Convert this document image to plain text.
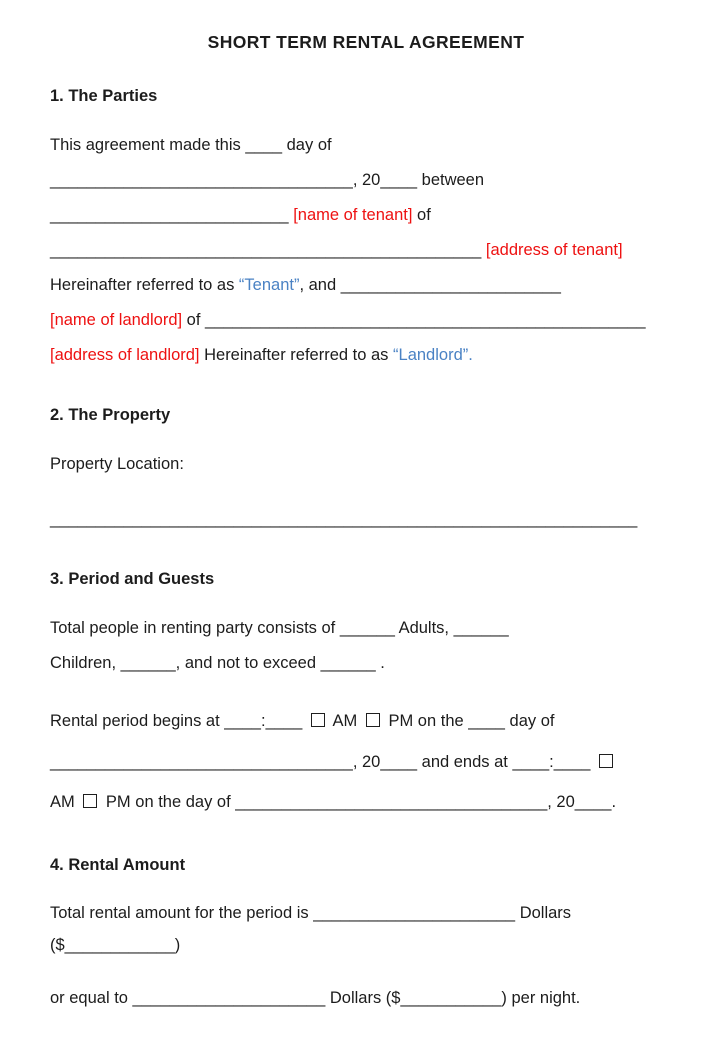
SHORT TERM RENTAL AGREEMENT
1. The Parties
This agreement made this ____ day of
_________________________________, 20____ between
__________________________ [name of tenant] of
_______________________________________________ [address of tenant]
Hereinafter referred to as “Tenant”, and ________________________
[name of landlord] of ________________________________________________
[address of landlord] Hereinafter referred to as “Landlord”.
2. The Property
Property Location:
________________________________________________________________
3. Period and Guests
Total people in renting party consists of ______ Adults, ______
Children, ______, and not to exceed ______ .
Rental period begins at ____:____  AM  PM on the ____ day of
_________________________________, 20____ and ends at ____:____
AM  PM on the day of __________________________________, 20____.
4. Rental Amount
Total rental amount for the period is ______________________ Dollars
($____________)
or equal to _____________________ Dollars ($___________) per night.
